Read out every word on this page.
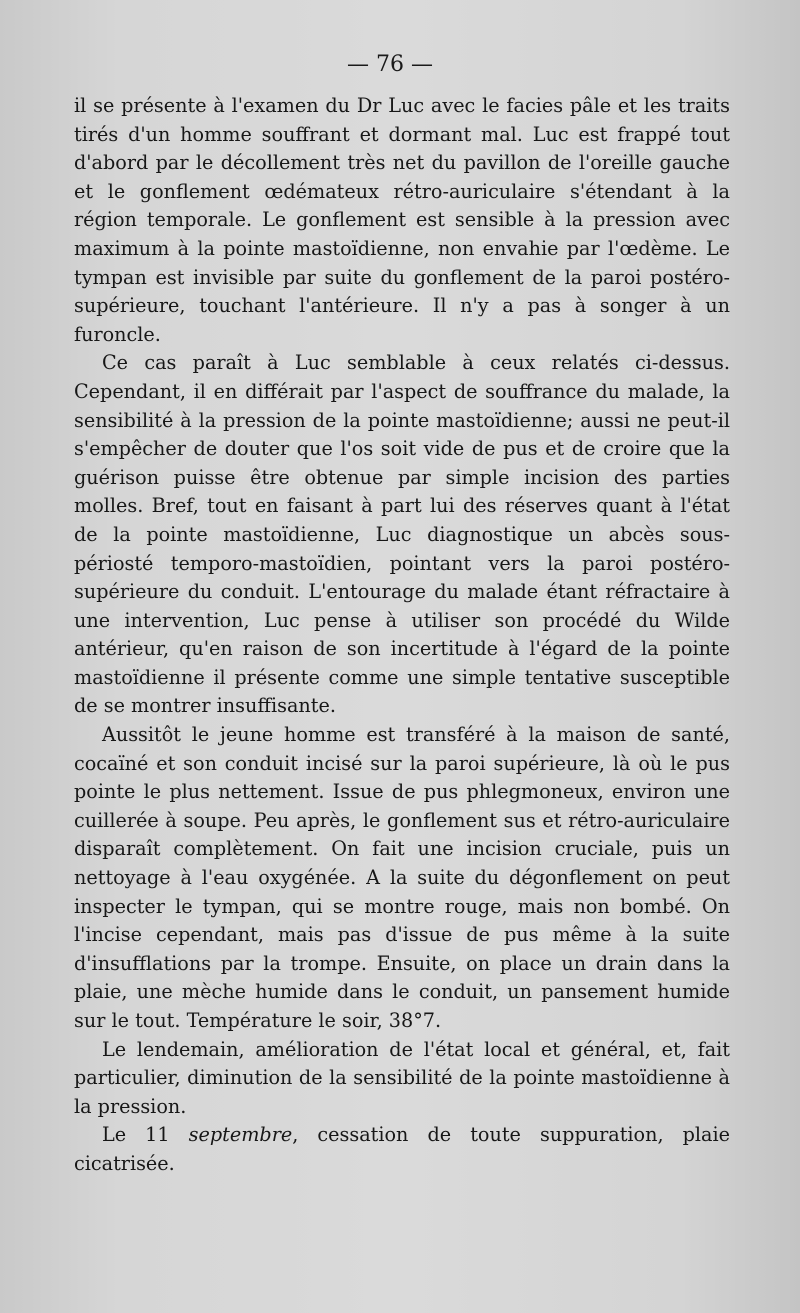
— 76 —

il se présente à l'examen du Dr Luc avec le facies pâle et les traits tirés d'un homme souffrant et dormant mal. Luc est frappé tout d'abord par le décollement très net du pavillon de l'oreille gauche et le gonflement œdémateux rétro-auriculaire s'étendant à la région temporale. Le gonflement est sensible à la pression avec maximum à la pointe mastoïdienne, non envahie par l'œdème. Le tympan est invisible par suite du gonflement de la paroi postéro-supérieure, touchant l'antérieure. Il n'y a pas à songer à un furoncle.

Ce cas paraît à Luc semblable à ceux relatés ci-dessus. Cependant, il en différait par l'aspect de souffrance du malade, la sensibilité à la pression de la pointe mastoïdienne; aussi ne peut-il s'empêcher de douter que l'os soit vide de pus et de croire que la guérison puisse être obtenue par simple incision des parties molles. Bref, tout en faisant à part lui des réserves quant à l'état de la pointe mastoïdienne, Luc diagnostique un abcès sous-périosté temporo-mastoïdien, pointant vers la paroi postéro-supérieure du conduit. L'entourage du malade étant réfractaire à une intervention, Luc pense à utiliser son procédé du Wilde antérieur, qu'en raison de son incertitude à l'égard de la pointe mastoïdienne il présente comme une simple tentative susceptible de se montrer insuffisante.

Aussitôt le jeune homme est transféré à la maison de santé, cocaïné et son conduit incisé sur la paroi supérieure, là où le pus pointe le plus nettement. Issue de pus phlegmoneux, environ une cuillerée à soupe. Peu après, le gonflement sus et rétro-auriculaire disparaît complètement. On fait une incision cruciale, puis un nettoyage à l'eau oxygénée. A la suite du dégonflement on peut inspecter le tympan, qui se montre rouge, mais non bombé. On l'incise cependant, mais pas d'issue de pus même à la suite d'insufflations par la trompe. Ensuite, on place un drain dans la plaie, une mèche humide dans le conduit, un pansement humide sur le tout. Température le soir, 38°7.

Le lendemain, amélioration de l'état local et général, et, fait particulier, diminution de la sensibilité de la pointe mastoïdienne à la pression.

Le 11 septembre, cessation de toute suppuration, plaie cicatrisée.
